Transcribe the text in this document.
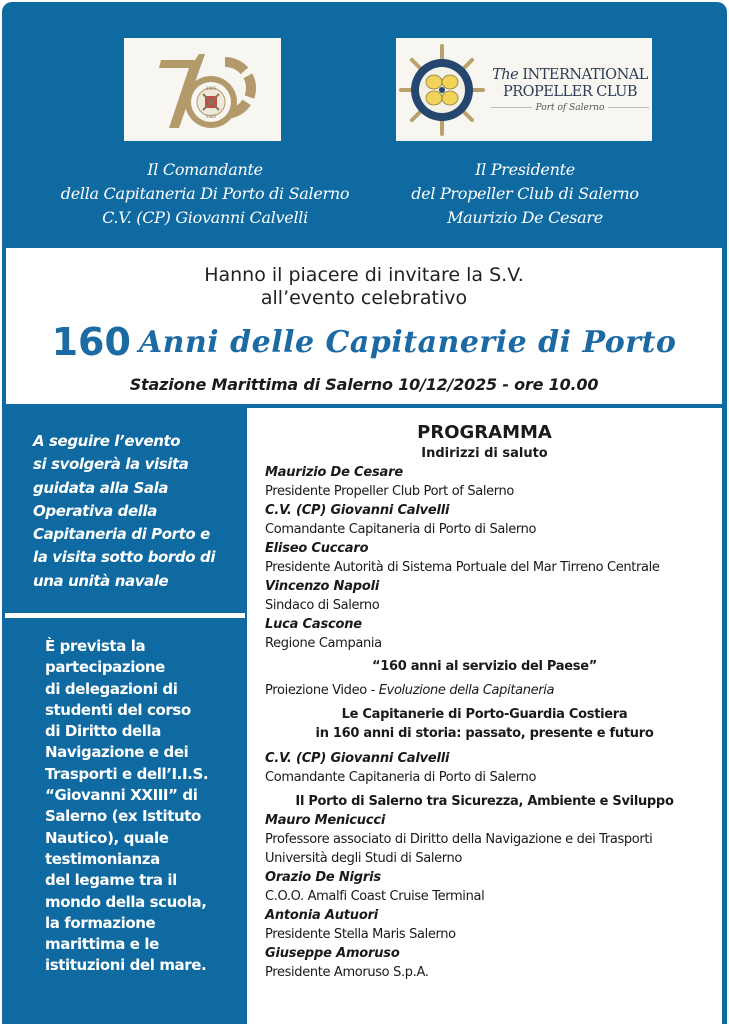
1865
2025
The INTERNATIONAL
PROPELLER CLUB
Port of Salerno
Il Comandante
della Capitaneria Di Porto di Salerno
C.V. (CP) Giovanni Calvelli
Il Presidente
del Propeller Club di Salerno
Maurizio De Cesare
Hanno il piacere di invitare la S.V.
all’evento celebrativo
160 Anni delle Capitanerie di Porto
Stazione Marittima di Salerno 10/12/2025 - ore 10.00
A seguire l’evento
si svolgerà la visita
guidata alla Sala
Operativa della
Capitaneria di Porto e
la visita sotto bordo di
una unità navale
È prevista la
partecipazione
di delegazioni di
studenti del corso
di Diritto della
Navigazione e dei
Trasporti e dell’I.I.S.
“Giovanni XXIII” di
Salerno (ex Istituto
Nautico), quale
testimonianza
del legame tra il
mondo della scuola,
la formazione
marittima e le
istituzioni del mare.
PROGRAMMA
Indirizzi di saluto
Maurizio De Cesare
Presidente Propeller Club Port of Salerno
C.V. (CP) Giovanni Calvelli
Comandante Capitaneria di Porto di Salerno
Eliseo Cuccaro
Presidente Autorità di Sistema Portuale del Mar Tirreno Centrale
Vincenzo Napoli
Sindaco di Salerno
Luca Cascone
Regione Campania
“160 anni al servizio del Paese”
Proiezione Video - Evoluzione della Capitaneria
Le Capitanerie di Porto-Guardia Costiera
in 160 anni di storia: passato, presente e futuro
C.V. (CP) Giovanni Calvelli
Comandante Capitaneria di Porto di Salerno
Il Porto di Salerno tra Sicurezza, Ambiente e Sviluppo
Mauro Menicucci
Professore associato di Diritto della Navigazione e dei Trasporti
Università degli Studi di Salerno
Orazio De Nigris
C.O.O. Amalfi Coast Cruise Terminal
Antonia Autuori
Presidente Stella Maris Salerno
Giuseppe Amoruso
Presidente Amoruso S.p.A.
